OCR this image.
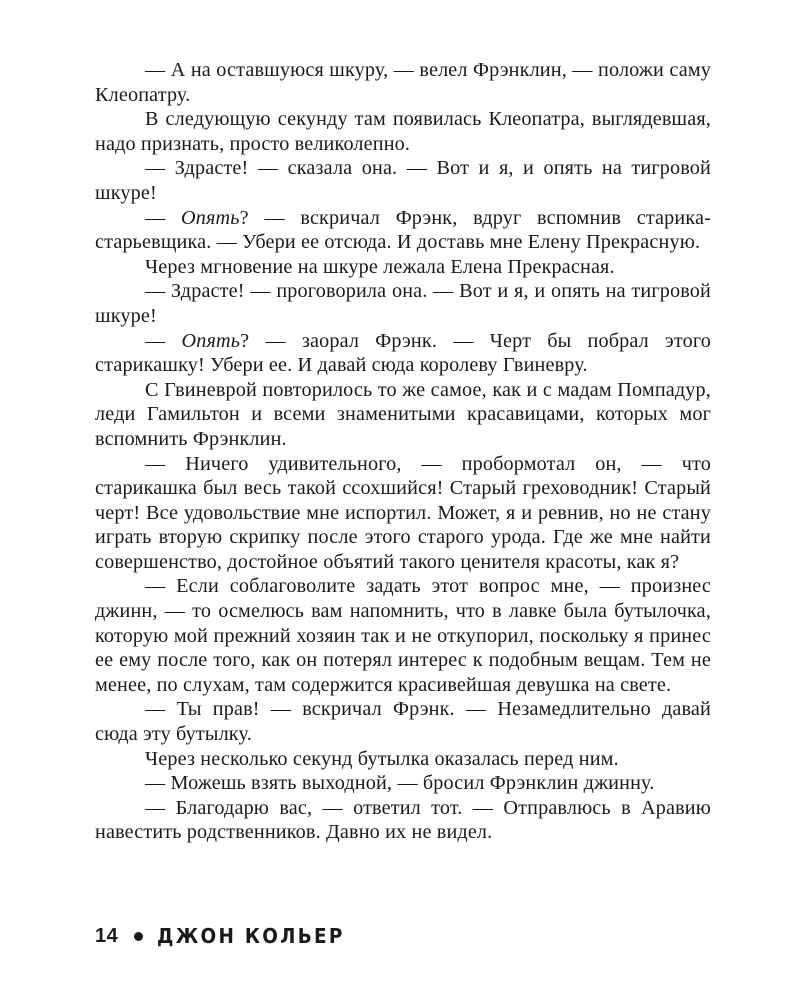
— А на оставшуюся шкуру, — велел Фрэнклин, — положи саму Клеопатру.

В следующую секунду там появилась Клеопатра, выглядевшая, надо признать, просто великолепно.

— Здрасте! — сказала она. — Вот и я, и опять на тигровой шкуре!

— Опять? — вскричал Фрэнк, вдруг вспомнив старика-старьевщика. — Убери ее отсюда. И доставь мне Елену Прекрасную.

Через мгновение на шкуре лежала Елена Прекрасная.

— Здрасте! — проговорила она. — Вот и я, и опять на тигровой шкуре!

— Опять? — заорал Фрэнк. — Черт бы побрал этого старикашку! Убери ее. И давай сюда королеву Гвиневру.

С Гвиневрой повторилось то же самое, как и с мадам Помпадур, леди Гамильтон и всеми знаменитыми красавицами, которых мог вспомнить Фрэнклин.

— Ничего удивительного, — пробормотал он, — что старикашка был весь такой ссохшийся! Старый греховодник! Старый черт! Все удовольствие мне испортил. Может, я и ревнив, но не стану играть вторую скрипку после этого старого урода. Где же мне найти совершенство, достойное объятий такого ценителя красоты, как я?

— Если соблаговолите задать этот вопрос мне, — произнес джинн, — то осмелюсь вам напомнить, что в лавке была бутылочка, которую мой прежний хозяин так и не откупорил, поскольку я принес ее ему после того, как он потерял интерес к подобным вещам. Тем не менее, по слухам, там содержится красивейшая девушка на свете.

— Ты прав! — вскричал Фрэнк. — Незамедлительно давай сюда эту бутылку.

Через несколько секунд бутылка оказалась перед ним.

— Можешь взять выходной, — бросил Фрэнклин джинну.

— Благодарю вас, — ответил тот. — Отправлюсь в Аравию навестить родственников. Давно их не видел.

14 ДЖОН КОЛЬЕР
